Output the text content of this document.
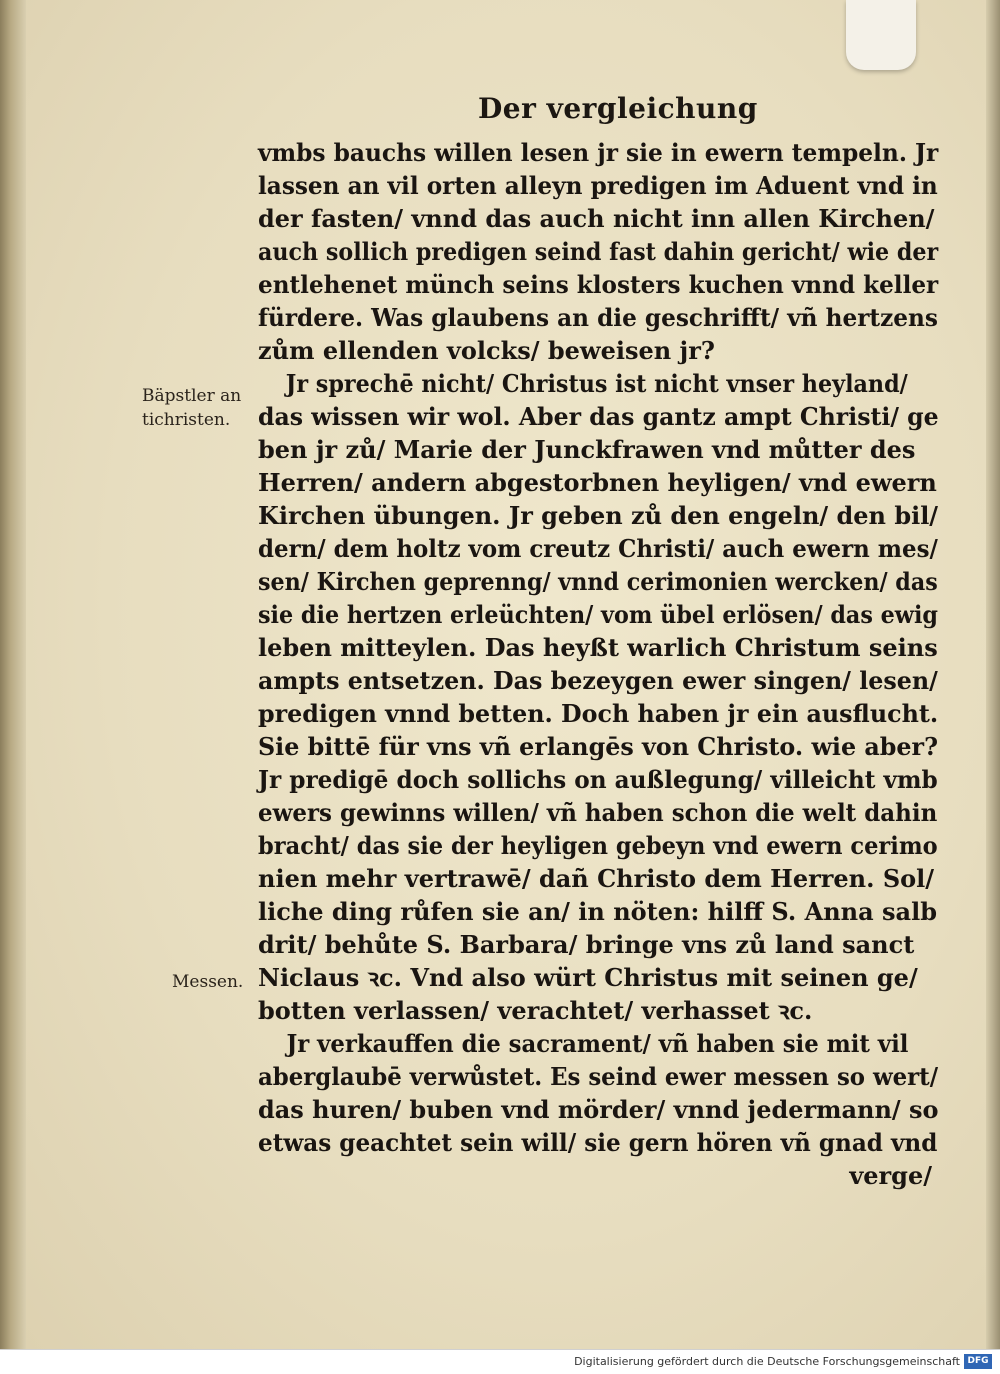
Der vergleichung
Bäpstler an
tichristen.
Messen.
vmbs bauchs willen lesen jr sie in ewern tempeln. Jr
lassen an vil orten alleyn predigen im Aduent vnd in
der fasten/ vnnd das auch nicht inn allen Kirchen/
auch sollich predigen seind fast dahin gericht/ wie der
entlehenet münch seins klosters kuchen vnnd keller
fürdere. Was glaubens an die geschrifft/ vñ hertzens
zům ellenden volcks/ beweisen jr?
Jr sprechē nicht/ Christus ist nicht vnser heyland/
das wissen wir wol. Aber das gantz ampt Christi/ ge
ben jr zů/ Marie der Junckfrawen vnd můtter des
Herren/ andern abgestorbnen heyligen/ vnd ewern
Kirchen übungen. Jr geben zů den engeln/ den bil/
dern/ dem holtz vom creutz Christi/ auch ewern mes/
sen/ Kirchen geprenng/ vnnd cerimonien wercken/ das
sie die hertzen erleüchten/ vom übel erlösen/ das ewig
leben mitteylen. Das heyßt warlich Christum seins
ampts entsetzen. Das bezeygen ewer singen/ lesen/
predigen vnnd betten. Doch haben jr ein ausflucht.
Sie bittē für vns vñ erlangēs von Christo. wie aber?
Jr predigē doch sollichs on außlegung/ villeicht vmb
ewers gewinns willen/ vñ haben schon die welt dahin
bracht/ das sie der heyligen gebeyn vnd ewern cerimo
nien mehr vertrawē/ dañ Christo dem Herren. Sol/
liche ding růfen sie an/ in nöten: hilff S. Anna salb
drit/ behůte S. Barbara/ bringe vns zů land sanct
Niclaus ꝛc. Vnd also würt Christus mit seinen ge/
botten verlassen/ verachtet/ verhasset ꝛc.
Jr verkauffen die sacrament/ vñ haben sie mit vil
aberglaubē verwůstet. Es seind ewer messen so wert/
das huren/ buben vnd mörder/ vnnd jedermann/ so
etwas geachtet sein will/ sie gern hören vñ gnad vnd
verge/
Digitalisierung gefördert durch die Deutsche Forschungsgemeinschaft DFG
